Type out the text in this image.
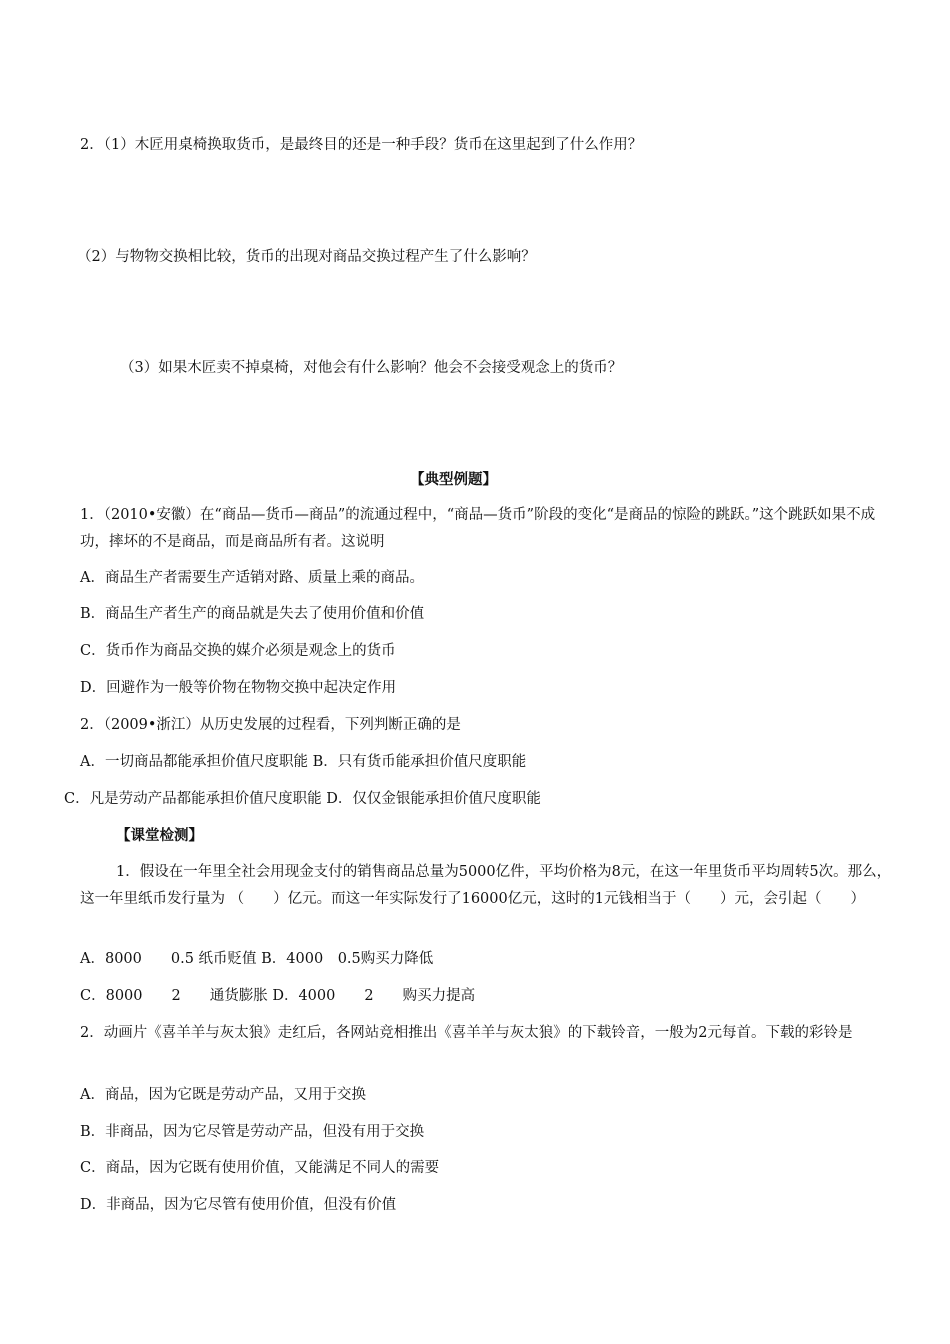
2．（1）木匠用桌椅换取货币，是最终目的还是一种手段？货币在这里起到了什么作用？
（2）与物物交换相比较，货币的出现对商品交换过程产生了什么影响？
（3）如果木匠卖不掉桌椅，对他会有什么影响？他会不会接受观念上的货币？
【典型例题】
1．（2010•安徽）在“商品—货币—商品”的流通过程中，“商品—货币”阶段的变化“是商品的惊险的跳跃。”这个跳跃如果不成功，摔坏的不是商品，而是商品所有者。这说明
A．商品生产者需要生产适销对路、质量上乘的商品。
B．商品生产者生产的商品就是失去了使用价值和价值
C．货币作为商品交换的媒介必须是观念上的货币
D．回避作为一般等价物在物物交换中起决定作用
2．（2009•浙江）从历史发展的过程看，下列判断正确的是
A．一切商品都能承担价值尺度职能 B．只有货币能承担价值尺度职能
C．凡是劳动产品都能承担价值尺度职能 D．仅仅金银能承担价值尺度职能
【课堂检测】
1．假设在一年里全社会用现金支付的销售商品总量为5000亿件，平均价格为8元，在这一年里货币平均周转5次。那么，这一年里纸币发行量为 （　　）亿元。而这一年实际发行了16000亿元，这时的1元钱相当于（　　）元，会引起（　　）
A．8000　　0.5 纸币贬值 B．4000　0.5购买力降低
C．8000　　2　　通货膨胀 D．4000　　2　　购买力提高
2．动画片《喜羊羊与灰太狼》走红后，各网站竞相推出《喜羊羊与灰太狼》的下载铃音，一般为2元每首。下载的彩铃是
A．商品，因为它既是劳动产品，又用于交换
B．非商品，因为它尽管是劳动产品，但没有用于交换
C．商品，因为它既有使用价值，又能满足不同人的需要
D．非商品，因为它尽管有使用价值，但没有价值
